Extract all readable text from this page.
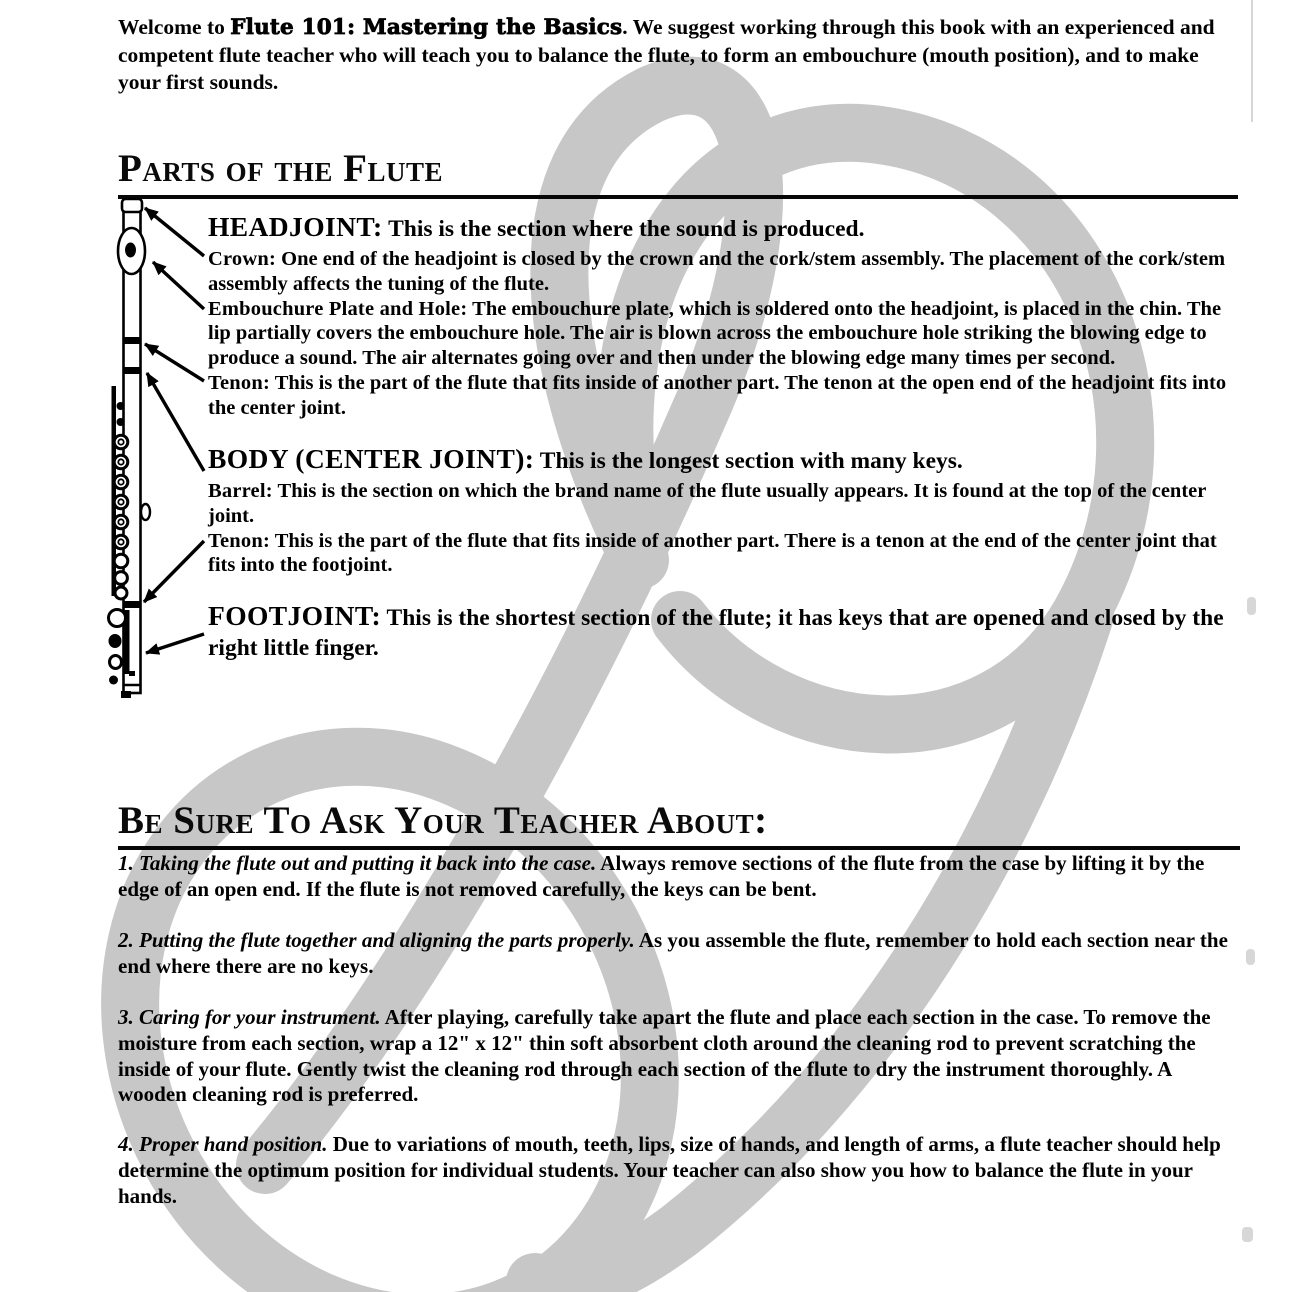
Welcome to Flute 101: Mastering the Basics. We suggest working through this book with an experienced and competent flute teacher who will teach you to balance the flute, to form an embouchure (mouth position), and to make your first sounds.

Parts of the Flute

HEADJOINT: This is the section where the sound is produced.

Crown: One end of the headjoint is closed by the crown and the cork/stem assembly. The placement of the cork/stem assembly affects the tuning of the flute.

Embouchure Plate and Hole: The embouchure plate, which is soldered onto the headjoint, is placed in the chin. The lip partially covers the embouchure hole. The air is blown across the embouchure hole striking the blowing edge to produce a sound. The air alternates going over and then under the blowing edge many times per second.

Tenon: This is the part of the flute that fits inside of another part. The tenon at the open end of the headjoint fits into the center joint.

BODY (CENTER JOINT): This is the longest section with many keys.

Barrel: This is the section on which the brand name of the flute usually appears. It is found at the top of the center joint.

Tenon: This is the part of the flute that fits inside of another part. There is a tenon at the end of the center joint that fits into the footjoint.

FOOTJOINT: This is the shortest section of the flute; it has keys that are opened and closed by the right little finger.

Be Sure To Ask Your Teacher About:

1. Taking the flute out and putting it back into the case. Always remove sections of the flute from the case by lifting it by the edge of an open end. If the flute is not removed carefully, the keys can be bent.

2. Putting the flute together and aligning the parts properly. As you assemble the flute, remember to hold each section near the end where there are no keys.

3. Caring for your instrument. After playing, carefully take apart the flute and place each section in the case. To remove the moisture from each section, wrap a 12" x 12" thin soft absorbent cloth around the cleaning rod to prevent scratching the inside of your flute. Gently twist the cleaning rod through each section of the flute to dry the instrument thoroughly. A wooden cleaning rod is preferred.

4. Proper hand position. Due to variations of mouth, teeth, lips, size of hands, and length of arms, a flute teacher should help determine the optimum position for individual students. Your teacher can also show you how to balance the flute in your hands.
